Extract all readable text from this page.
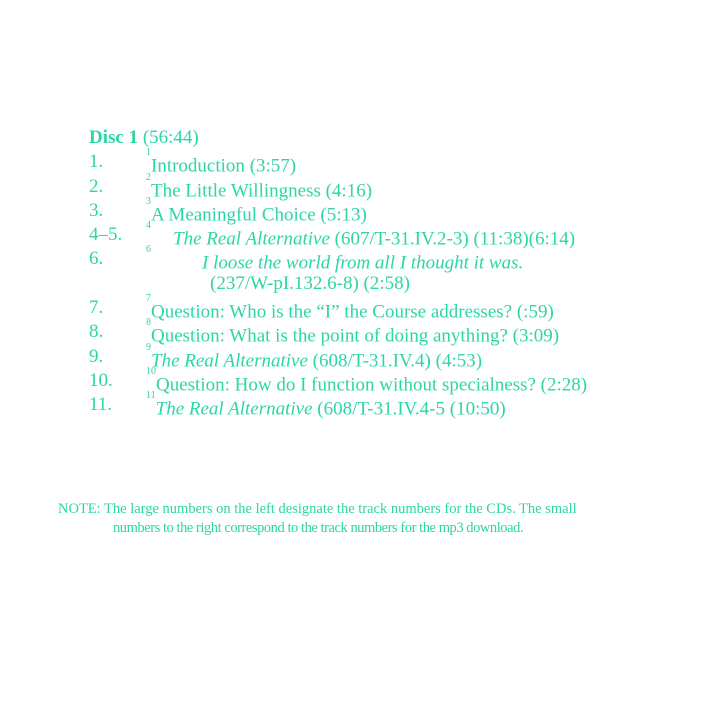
Disc 1 (56:44)
1.	$^1$Introduction (3:57)
2.	$^2$The Little Willingness (4:16)
3.	$^3$A Meaningful Choice (5:13)
4–5. $^4$The Real Alternative (607/T-31.IV.2-3) (11:38)(6:14)
6.	$^6$I loose the world from all I thought it was.
(237/W-pI.132.6-8) (2:58)
7.	$^7$Question: Who is the “I” the Course addresses? (:59)
8.	$^8$Question: What is the point of doing anything? (3:09)
9.	$^9$The Real Alternative (608/T-31.IV.4) (4:53)
10.	$^{10}$Question: How do I function without specialness? (2:28)
11.	$^{11}$The Real Alternative (608/T-31.IV.4-5 (10:50)
NOTE: The large numbers on the left designate the track numbers for the CDs. The small
numbers to the right correspond to the track numbers for the mp3 download.
